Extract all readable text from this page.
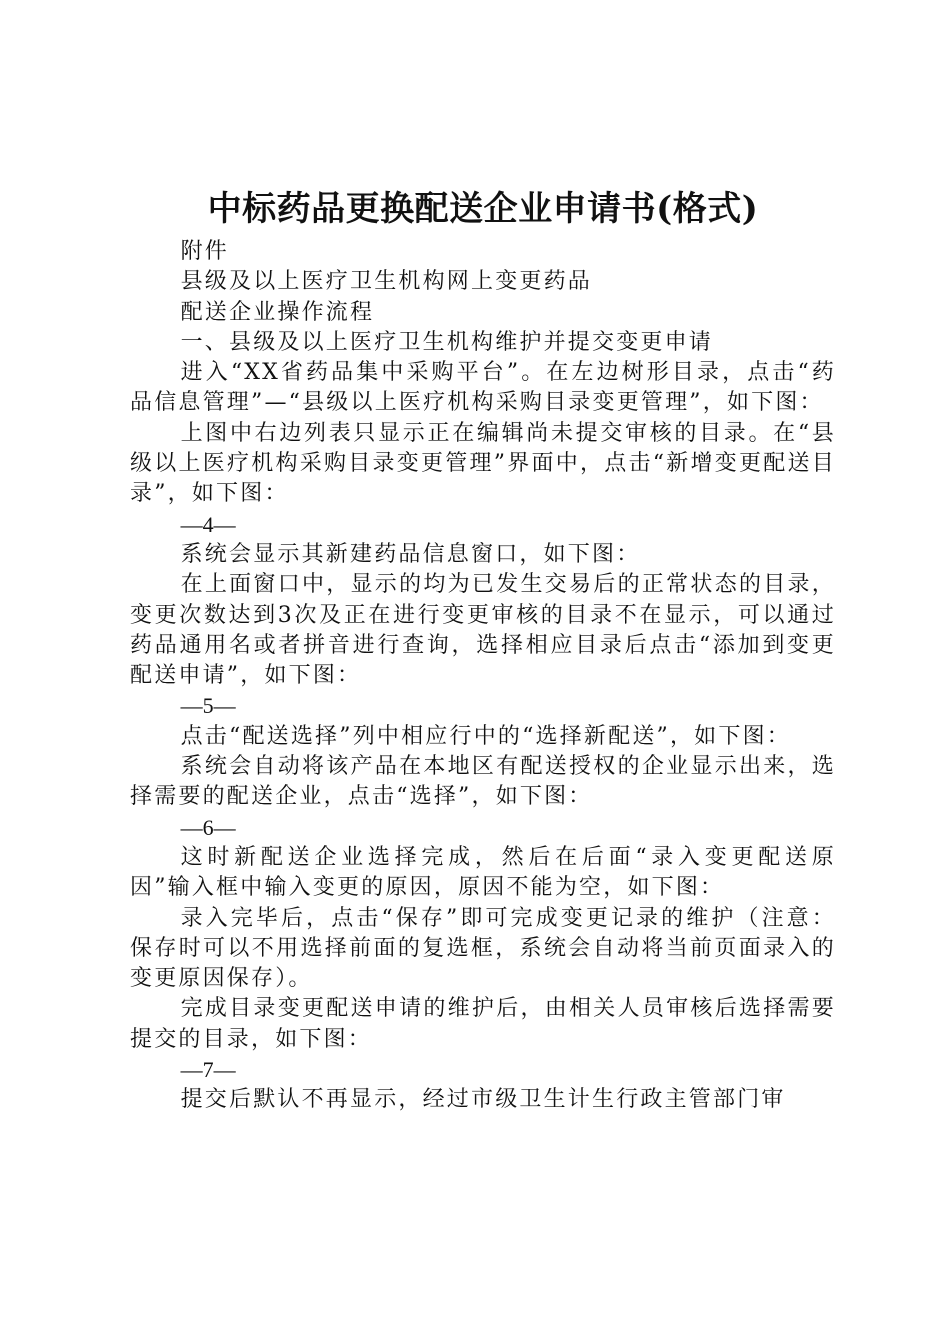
中标药品更换配送企业申请书(格式)

附件

县级及以上医疗卫生机构网上变更药品

配送企业操作流程

一、县级及以上医疗卫生机构维护并提交变更申请

进入“XX省药品集中采购平台”。在左边树形目录，点击“药品信息管理”—“县级以上医疗机构采购目录变更管理”，如下图：

上图中右边列表只显示正在编辑尚未提交审核的目录。在“县级以上医疗机构采购目录变更管理”界面中，点击“新增变更配送目录”，如下图：

—4—

系统会显示其新建药品信息窗口，如下图：

在上面窗口中，显示的均为已发生交易后的正常状态的目录，变更次数达到3次及正在进行变更审核的目录不在显示，可以通过药品通用名或者拼音进行查询，选择相应目录后点击“添加到变更配送申请”，如下图：

—5—

点击“配送选择”列中相应行中的“选择新配送”，如下图：

系统会自动将该产品在本地区有配送授权的企业显示出来，选择需要的配送企业，点击“选择”，如下图：

—6—

这时新配送企业选择完成，然后在后面“录入变更配送原因”输入框中输入变更的原因，原因不能为空，如下图：

录入完毕后，点击“保存”即可完成变更记录的维护（注意：保存时可以不用选择前面的复选框，系统会自动将当前页面录入的变更原因保存）。

完成目录变更配送申请的维护后，由相关人员审核后选择需要提交的目录，如下图：

—7—

提交后默认不再显示，经过市级卫生计生行政主管部门审
